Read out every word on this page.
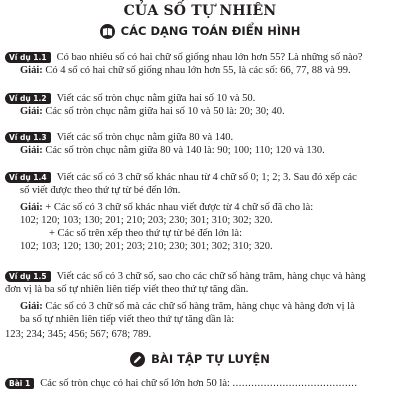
CỦA SỐ TỰ NHIÊN
CÁC DẠNG TOÁN ĐIỂN HÌNH
Ví dụ 1.1 Có bao nhiêu số có hai chữ số giống nhau lớn hơn 55? Là những số nào?
Giải: Có 4 số có hai chữ số giống nhau lớn hơn 55, là các số: 66, 77, 88 và 99.
Ví dụ 1.2 Viết các số tròn chục nằm giữa hai số 10 và 50.
Giải: Các số tròn chục nằm giữa hai số 10 và 50 là: 20; 30; 40.
Ví dụ 1.3 Viết các số tròn chục nằm giữa 80 và 140.
Giải: Các số tròn chục nằm giữa 80 và 140 là: 90; 100; 110; 120 và 130.
Ví dụ 1.4 Viết các số có 3 chữ số khác nhau từ 4 chữ số 0; 1; 2; 3. Sau đó xếp các
số viết được theo thứ tự từ bé đến lớn.
Giải: + Các số có 3 chữ số khác nhau viết được từ 4 chữ số đã cho là:
102; 120; 103; 130; 201; 210; 203; 230; 301; 310; 302; 320.
+ Các số trên xếp theo thứ tự từ bé đến lớn là:
102; 103; 120; 130; 201; 203; 210; 230; 301; 302; 310; 320.
Ví dụ 1.5 Viết các số có 3 chữ số, sao cho các chữ số hàng trăm, hàng chục và hàng
đơn vị là ba số tự nhiên liên tiếp viết theo thứ tự tăng dần.
Giải: Các số có 3 chữ số mà các chữ số hàng trăm, hàng chục và hàng đơn vị là
ba số tự nhiên liên tiếp viết theo thứ tự tăng dần là:
123; 234; 345; 456; 567; 678; 789.
BÀI TẬP TỰ LUYỆN
Bài 1 Các số tròn chục có hai chữ số lớn hơn 50 là: ........................................
